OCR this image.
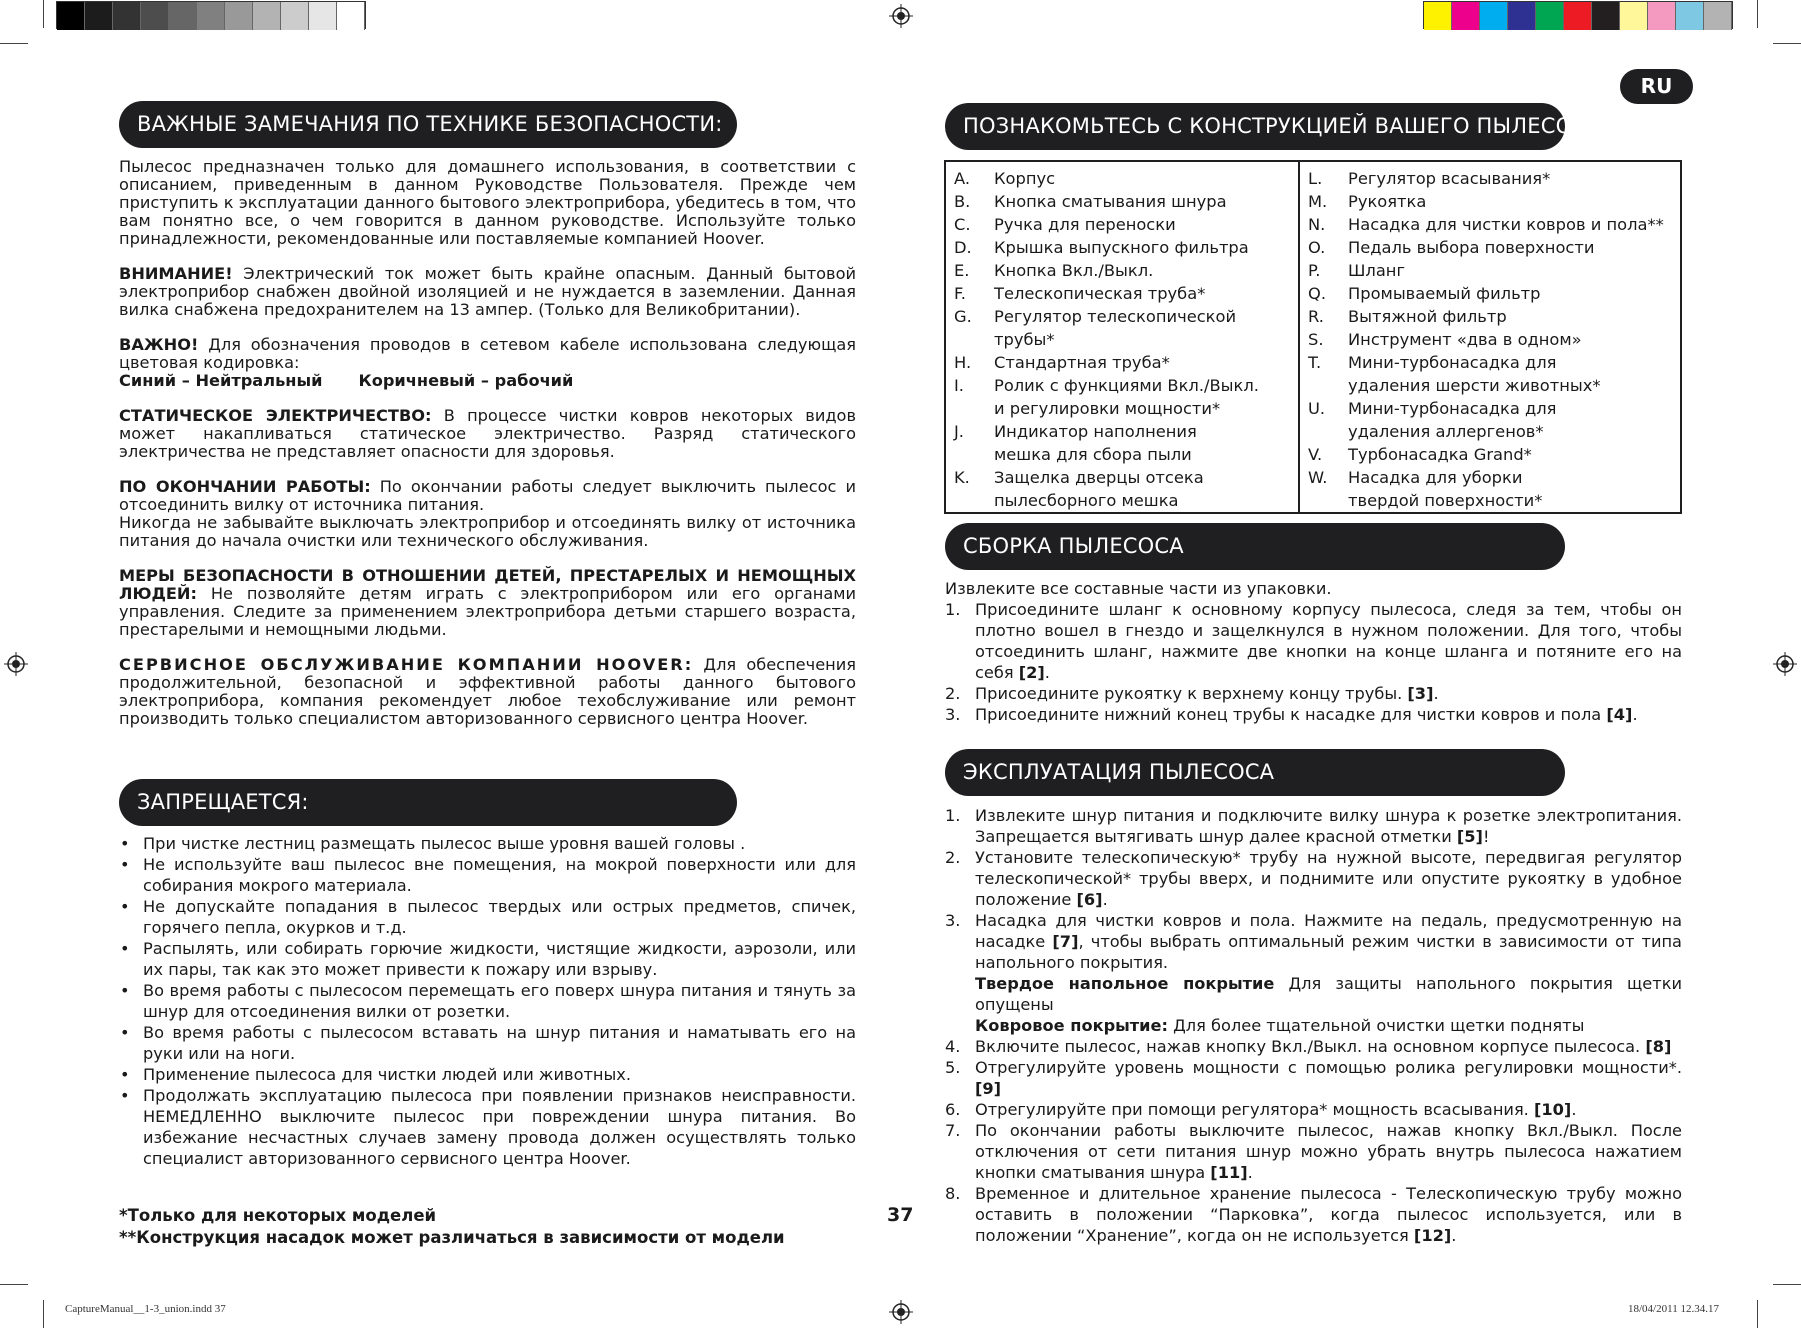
RU
ВАЖНЫЕ ЗАМЕЧАНИЯ ПО ТЕХНИКЕ БЕЗОПАСНОСТИ:

Пылесос предназначен только для домашнего использования, в соответствии с описанием, приведенным в данном Руководстве Пользователя. Прежде чем приступить к эксплуатации данного бытового электроприбора, убедитесь в том, что вам понятно все, о чем говорится в данном руководстве. Используйте только принадлежности, рекомендованные или поставляемые компанией Hoover.

ВНИМАНИЕ! Электрический ток может быть крайне опасным. Данный бытовой электроприбор снабжен двойной изоляцией и не нуждается в заземлении. Данная вилка снабжена предохранителем на 13 ампер. (Только для Великобритании).

ВАЖНО! Для обозначения проводов в сетевом кабеле использована следующая цветовая кодировка:

Синий – Нейтральный Коричневый – рабочий

СТАТИЧЕСКОЕ ЭЛЕКТРИЧЕСТВО: В процессе чистки ковров некоторых видов может накапливаться статическое электричество. Разряд статического электричества не представляет опасности для здоровья.

ПО ОКОНЧАНИИ РАБОТЫ: По окончании работы следует выключить пылесос и отсоединить вилку от источника питания.

Никогда не забывайте выключать электроприбор и отсоединять вилку от источника питания до начала очистки или технического обслуживания.

МЕРЫ БЕЗОПАСНОСТИ В ОТНОШЕНИИ ДЕТЕЙ, ПРЕСТАРЕЛЫХ И НЕМОЩНЫХ ЛЮДЕЙ: Не позволяйте детям играть с электроприбором или его органами управления. Следите за применением электроприбора детьми старшего возраста, престарелыми и немощными людьми.

СЕРВИСНОЕ ОБСЛУЖИВАНИЕ КОМПАНИИ HOOVER: Для обеспечения продолжительной, безопасной и эффективной работы данного бытового электроприбора, компания рекомендует любое техобслуживание или ремонт производить только специалистом авторизованного сервисного центра Hoover.

ЗАПРЕЩАЕТСЯ:
• При чистке лестниц размещать пылесос выше уровня вашей головы .
• Не используйте ваш пылесос вне помещения, на мокрой поверхности или для собирания мокрого материала.
• Не допускайте попадания в пылесос твердых или острых предметов, спичек, горячего пепла, окурков и т.д.
• Распылять, или собирать горючие жидкости, чистящие жидкости, аэрозоли, или их пары, так как это может привести к пожару или взрыву.
• Во время работы с пылесосом перемещать его поверх шнура питания и тянуть за шнур для отсоединения вилки от розетки.
• Во время работы с пылесосом вставать на шнур питания и наматывать его на руки или на ноги.
• Применение пылесоса для чистки людей или животных.
• Продолжать эксплуатацию пылесоса при появлении признаков неисправности. НЕМЕДЛЕННО выключите пылесос при повреждении шнура питания. Во избежание несчастных случаев замену провода должен осуществлять только специалист авторизованного сервисного центра Hoover.
*Только для некоторых моделей
**Конструкция насадок может различаться в зависимости от модели
37
ПОЗНАКОМЬТЕСЬ С КОНСТРУКЦИЕЙ ВАШЕГО ПЫЛЕСОСА
A.	Корпус
B.	Кнопка сматывания шнура
C.	Ручка для переноски
D.	Крышка выпускного фильтра
E.	Кнопка Вкл./Выкл.
F.	Телескопическая труба*
G.	Регулятор телескопической трубы*
H.	Стандартная труба*
I.	Ролик с функциями Вкл./Выкл.
и регулировки мощности*
J.	Индикатор наполнения
мешка для сбора пыли
K.	Защелка дверцы отсека
пылесборного мешка
L.	Регулятор всасывания*
M.	Рукоятка
N.	Насадка для чистки ковров и пола**
O.	Педаль выбора поверхности
P.	Шланг
Q.	Промываемый фильтр
R.	Вытяжной фильтр
S.	Инструмент «два в одном»
T.	Мини-турбонасадка для
удаления шерсти животных*
U.	Мини-турбонасадка для
удаления аллергенов*
V.	Турбонасадка Grand*
W.	Насадка для уборки
твердой поверхности*
СБОРКА ПЫЛЕСОСА

Извлеките все составные части из упаковки.

1. Присоедините шланг к основному корпусу пылесоса, следя за тем, чтобы он плотно вошел в гнездо и защелкнулся в нужном положении. Для того, чтобы отсоединить шланг, нажмите две кнопки на конце шланга и потяните его на себя [2].
2. Присоедините рукоятку к верхнему концу трубы. [3].
3. Присоедините нижний конец трубы к насадке для чистки ковров и пола [4].
ЭКСПЛУАТАЦИЯ ПЫЛЕСОСА
1. Извлеките шнур питания и подключите вилку шнура к розетке электропитания. Запрещается вытягивать шнур далее красной отметки [5]!
2. Установите телескопическую* трубу на нужной высоте, передвигая регулятор телескопической* трубы вверх, и поднимите или опустите рукоятку в удобное положение [6].
3. Насадка для чистки ковров и пола. Нажмите на педаль, предусмотренную на насадке [7], чтобы выбрать оптимальный режим чистки в зависимости от типа напольного покрытия.
Твердое напольное покрытие Для защиты напольного покрытия щетки опущены
Ковровое покрытие: Для более тщательной очистки щетки подняты
4. Включите пылесос, нажав кнопку Вкл./Выкл. на основном корпусе пылесоса. [8]
5. Отрегулируйте уровень мощности с помощью ролика регулировки мощности*. [9]
6. Отрегулируйте при помощи регулятора* мощность всасывания. [10].
7. По окончании работы выключите пылесос, нажав кнопку Вкл./Выкл. После отключения от сети питания шнур можно убрать внутрь пылесоса нажатием кнопки сматывания шнура [11].
8. Временное и длительное хранение пылесоса - Телескопическую трубу можно оставить в положении “Парковка”, когда пылесос используется, или в положении “Хранение”, когда он не используется [12].
CaptureManual__1-3_union.indd 37	18/04/2011 12.34.17
